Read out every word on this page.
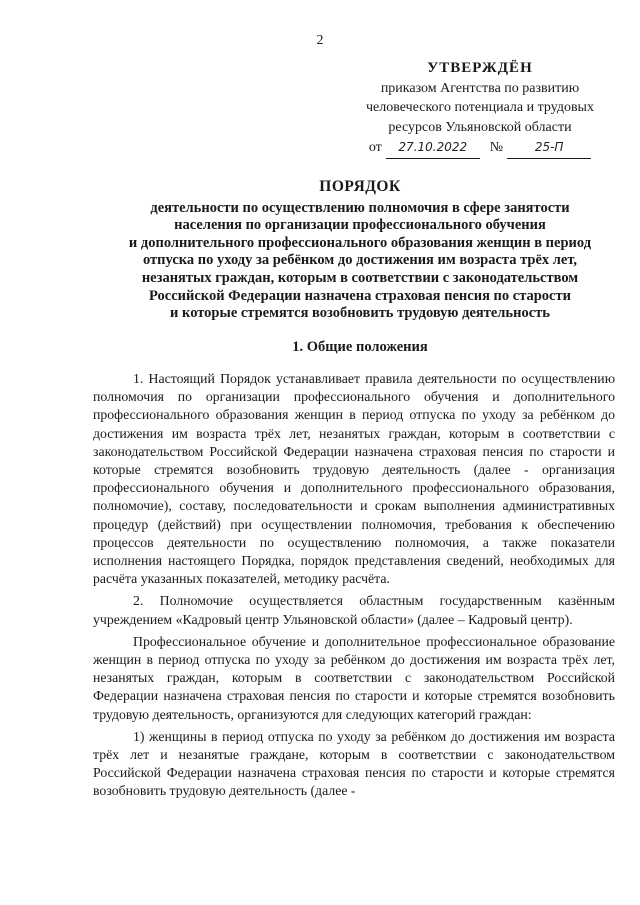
2
УТВЕРЖДЁН
приказом Агентства по развитию
человеческого потенциала и трудовых
ресурсов Ульяновской области
от	27.10.2022	№	25-П
ПОРЯДОК
деятельности по осуществлению полномочия в сфере занятости
населения по организации профессионального обучения
и дополнительного профессионального образования женщин в период
отпуска по уходу за ребёнком до достижения им возраста трёх лет,
незанятых граждан, которым в соответствии с законодательством
Российской Федерации назначена страховая пенсия по старости
и которые стремятся возобновить трудовую деятельность
1. Общие положения

1. Настоящий Порядок устанавливает правила деятельности по осуществлению полномочия по организации профессионального обучения и дополнительного профессионального образования женщин в период отпуска по уходу за ребёнком до достижения им возраста трёх лет, незанятых граждан, которым в соответствии с законодательством Российской Федерации назначена страховая пенсия по старости и которые стремятся возобновить трудовую деятельность (далее - организация профессионального обучения и дополнительного профессионального образования, полномочие), составу, последовательности и срокам выполнения административных процедур (действий) при осуществлении полномочия, требования к обеспечению процессов деятельности по осуществлению полномочия, а также показатели исполнения настоящего Порядка, порядок представления сведений, необходимых для расчёта указанных показателей, методику расчёта.

2. Полномочие осуществляется областным государственным казённым учреждением «Кадровый центр Ульяновской области» (далее – Кадровый центр).

Профессиональное обучение и дополнительное профессиональное образование женщин в период отпуска по уходу за ребёнком до достижения им возраста трёх лет, незанятых граждан, которым в соответствии с законодательством Российской Федерации назначена страховая пенсия по старости и которые стремятся возобновить трудовую деятельность, организуются для следующих категорий граждан:

1) женщины в период отпуска по уходу за ребёнком до достижения им возраста трёх лет и незанятые граждане, которым в соответствии с законодательством Российской Федерации назначена страховая пенсия по старости и которые стремятся возобновить трудовую деятельность (далее -
